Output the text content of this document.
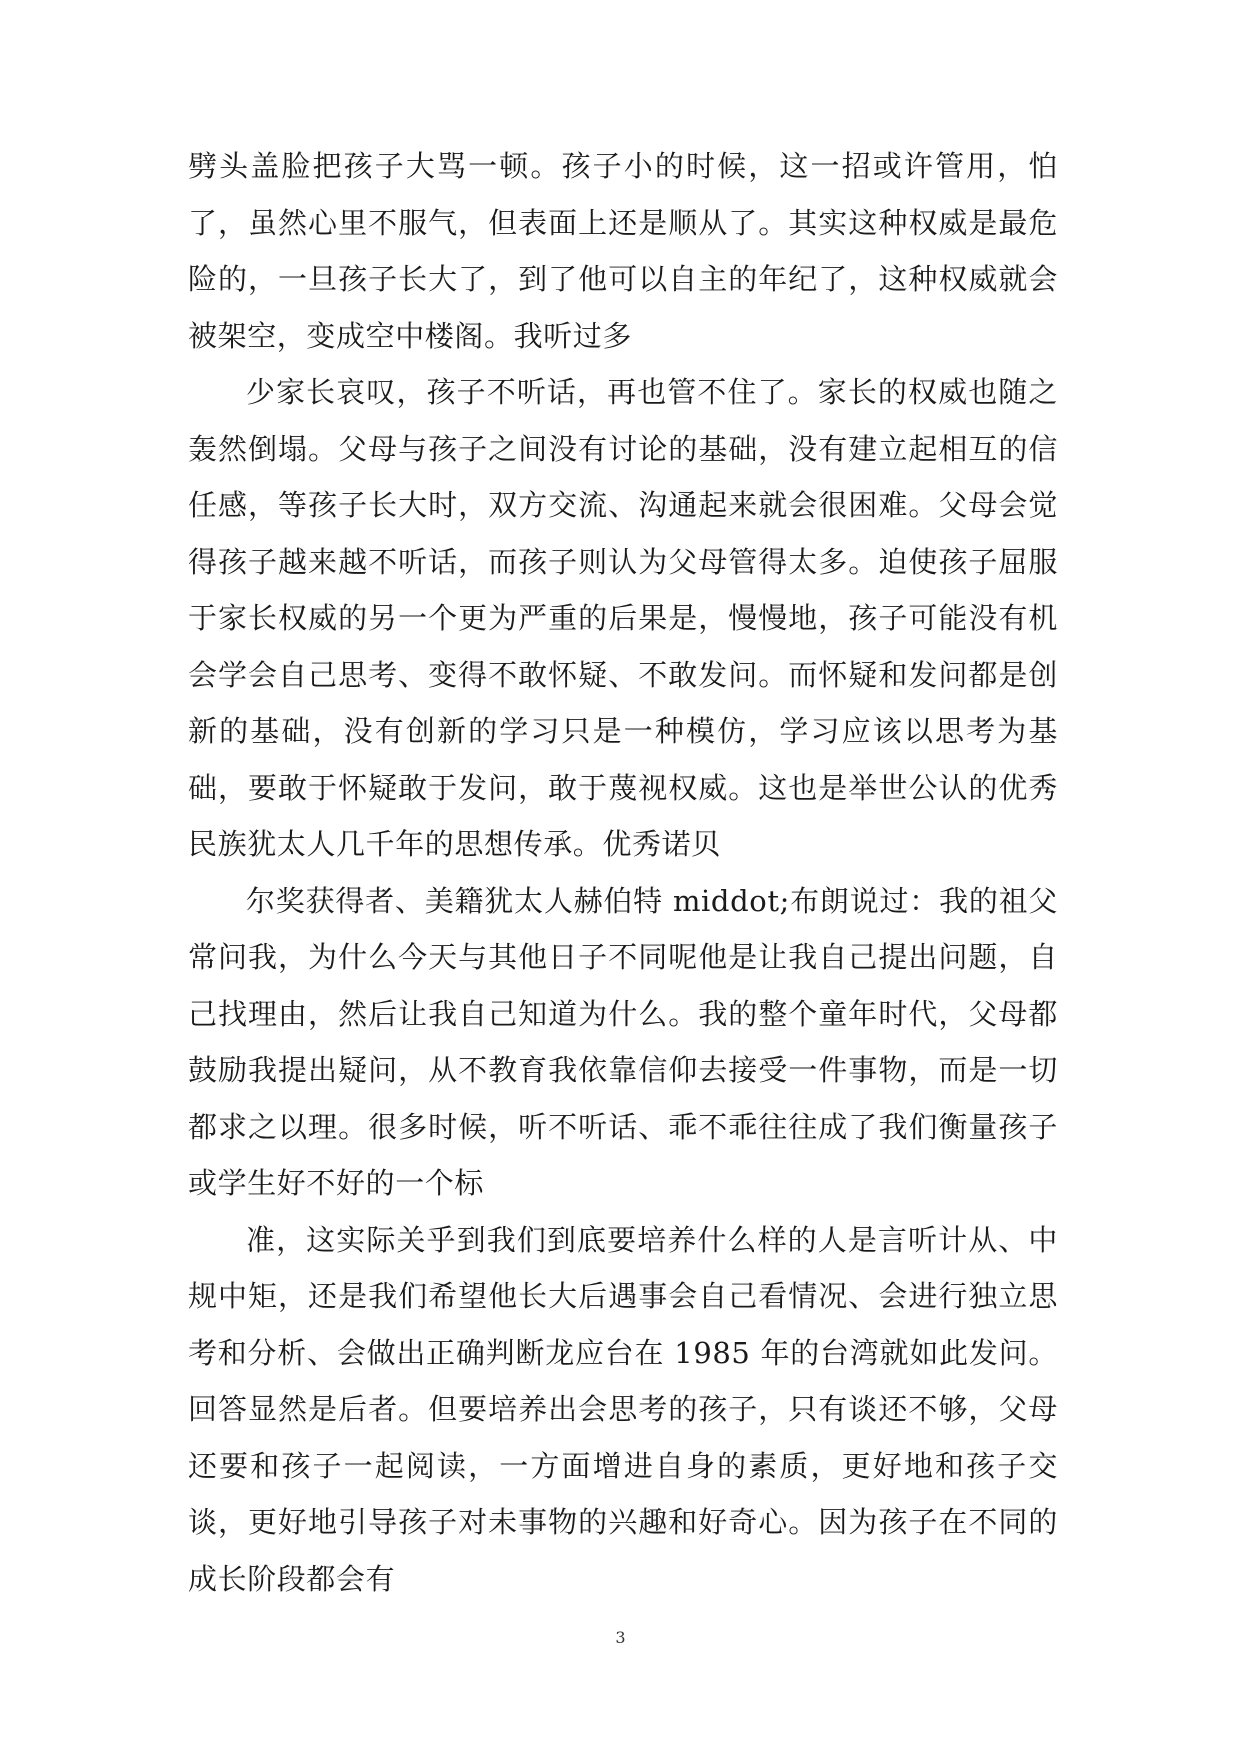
劈头盖脸把孩子大骂一顿。孩子小的时候，这一招或许管用，怕了，虽然心里不服气，但表面上还是顺从了。其实这种权威是最危险的，一旦孩子长大了，到了他可以自主的年纪了，这种权威就会被架空，变成空中楼阁。我听过多

少家长哀叹，孩子不听话，再也管不住了。家长的权威也随之轰然倒塌。父母与孩子之间没有讨论的基础，没有建立起相互的信任感，等孩子长大时，双方交流、沟通起来就会很困难。父母会觉得孩子越来越不听话，而孩子则认为父母管得太多。迫使孩子屈服于家长权威的另一个更为严重的后果是，慢慢地，孩子可能没有机会学会自己思考、变得不敢怀疑、不敢发问。而怀疑和发问都是创新的基础，没有创新的学习只是一种模仿，学习应该以思考为基础，要敢于怀疑敢于发问，敢于蔑视权威。这也是举世公认的优秀民族犹太人几千年的思想传承。优秀诺贝

尔奖获得者、美籍犹太人赫伯特 middot;布朗说过：我的祖父常问我，为什么今天与其他日子不同呢他是让我自己提出问题，自己找理由，然后让我自己知道为什么。我的整个童年时代，父母都鼓励我提出疑问，从不教育我依靠信仰去接受一件事物，而是一切都求之以理。很多时候，听不听话、乖不乖往往成了我们衡量孩子或学生好不好的一个标

准，这实际关乎到我们到底要培养什么样的人是言听计从、中规中矩，还是我们希望他长大后遇事会自己看情况、会进行独立思考和分析、会做出正确判断龙应台在 1985 年的台湾就如此发问。回答显然是后者。但要培养出会思考的孩子，只有谈还不够，父母还要和孩子一起阅读，一方面增进自身的素质，更好地和孩子交谈，更好地引导孩子对未事物的兴趣和好奇心。因为孩子在不同的成长阶段都会有

3
